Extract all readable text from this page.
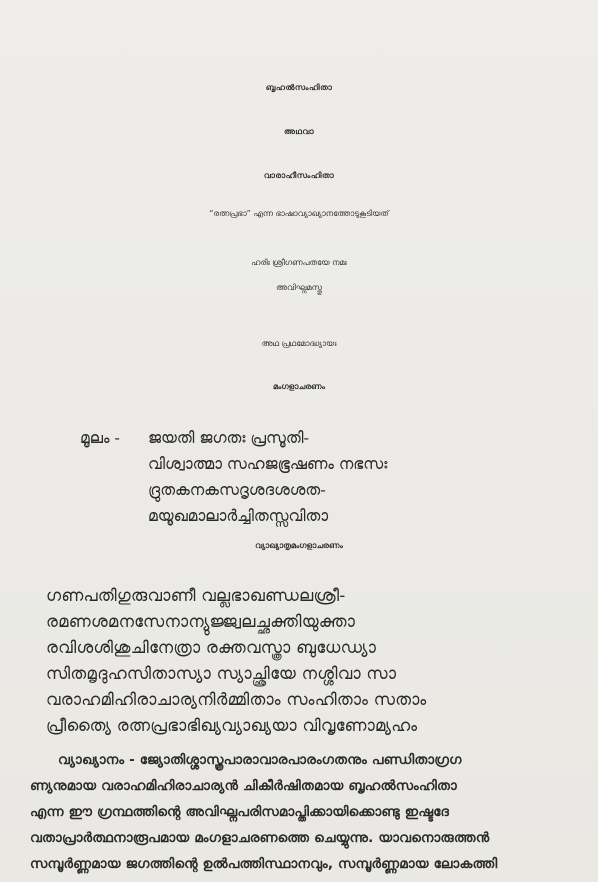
ബൃഹൽസംഹിതാ
അഥവാ
വാരാഹീസംഹിതാ
“രത്നപ്രഭാ” എന്ന ഭാഷാവ്യാഖ്യാനത്തോടുകൂടിയത്
ഹരിഃ ശ്രീഗണപതയേ നമഃ
അവിഘ്നമസ്തു
അഥ പ്രഥമോദ്ധ്യായഃ
മംഗളാചരണം
മൂലം - ജയതി ജഗതഃ പ്രസൂതി-
വിശ്വാത്മാ സഹജഭൂഷണം നഭസഃ
ദ്രുതകനകസദൃശദശശത-
മയൂഖമാലാർച്ചിതസ്സവിതാ
വ്യാഖ്യാതൃമംഗളാചരണം
ഗണപതിഗുരുവാണീ വല്ലഭാഖണ്ഡലശ്രീ-
രമണശമനസേനാന്യുജ്ജ്വലച്ഛക്തിയുക്താ
രവിശശിശുചിനേത്രാ രക്തവസ്ത്രാ ബുധേഡ്യാ
സിതമൃദുഹസിതാസ്യാ സ്യാച്ഛ്രിയേ നശ്ശിവാ സാ
വരാഹമിഹിരാചാര്യനിർമ്മിതാം സംഹിതാം സതാം
പ്രീത്യൈ രത്നപ്രഭാഭിഖ്യവ്യാഖ്യയാ വിവൃണോമ്യഹം
വ്യാഖ്യാനം - ജ്യോതിശ്ശാസ്ത്രപാരാവാരപാരംഗതനും പണ്ഡിതാഗ്രഗ
ണ്യനുമായ വരാഹമിഹിരാചാര്യൻ ചികീർഷിതമായ ബൃഹൽസംഹിതാ
എന്ന ഈ ഗ്രന്ഥത്തിന്റെ അവിഘ്നപരിസമാപ്തിക്കായിക്കൊണ്ടു ഇഷ്ടദേ
വതാപ്രാർത്ഥനാരൂപമായ മംഗളാചരണത്തെ ചെയ്യുന്നു. യാവനൊരുത്തൻ
സമ്പൂർണ്ണമായ ജഗത്തിന്റെ ഉൽപത്തിസ്ഥാനവും, സമ്പൂർണ്ണമായ ലോകത്തി
